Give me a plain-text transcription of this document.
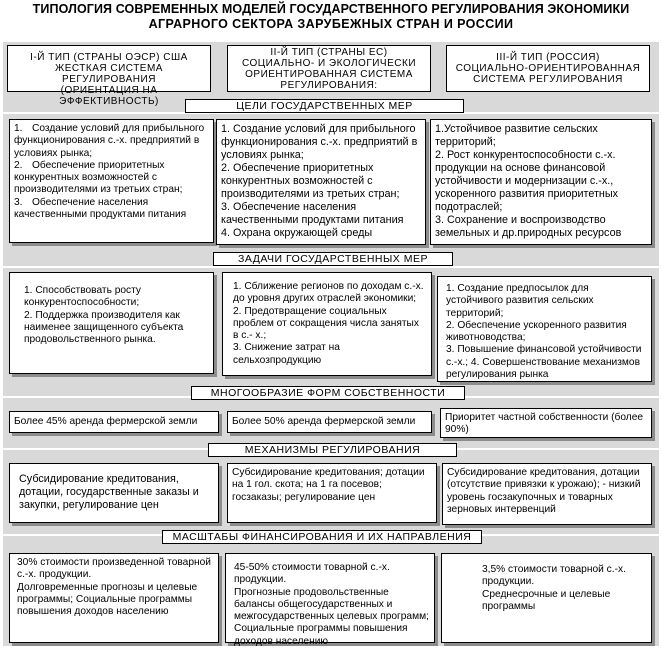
ТИПОЛОГИЯ СОВРЕМЕННЫХ МОДЕЛЕЙ ГОСУДАРСТВЕННОГО РЕГУЛИРОВАНИЯ ЭКОНОМИКИ
АГРАРНОГО СЕКТОРА ЗАРУБЕЖНЫХ СТРАН И РОССИИ
I-Й ТИП (СТРАНЫ ОЭСР) США
ЖЕСТКАЯ СИСТЕМА РЕГУЛИРОВАНИЯ
(ОРИЕНТАЦИЯ НА ЭФФЕКТИВНОСТЬ)
II-Й ТИП (СТРАНЫ ЕС)
СОЦИАЛЬНО- И ЭКОЛОГИЧЕСКИ
ОРИЕНТИРОВАННАЯ СИСТЕМА
РЕГУЛИРОВАНИЯ:
III-Й ТИП (РОССИЯ)
СОЦИАЛЬНО-ОРИЕНТИРОВАННАЯ
СИСТЕМА РЕГУЛИРОВАНИЯ
ЦЕЛИ ГОСУДАРСТВЕННЫХ МЕР

1. Создание условий для прибыльного функционирования с.-х. предприятий в условиях рынка;

2. Обеспечение приоритетных конкурентных возможностей с производителями из третьих стран;

3. Обеспечение населения качественными продуктами питания

1. Создание условий для прибыльного функционирования с.-х. предприятий в условиях рынка;

2. Обеспечение приоритетных конкурентных возможностей с производителями из третьих стран;

3. Обеспечение населения качественными продуктами питания

4. Охрана окружающей среды

1.Устойчивое развитие сельских территорий;

2. Рост конкурентоспособности с.-х. продукции на основе финансовой устойчивости и модернизации с.-х., ускоренного развития приоритетных подотраслей;

3. Сохранение и воспроизводство земельных и др.природных ресурсов

ЗАДАЧИ ГОСУДАРСТВЕННЫХ МЕР

1. Способствовать росту конкурентоспособности;

2. Поддержка производителя как наименее защищенного субъекта продовольственного рынка.

1. Сближение регионов по доходам с.-х. до уровня других отраслей экономики;

2. Предотвращение социальных проблем от сокращения числа занятых в с.- х.;

3. Снижение затрат на сельхозпродукцию

1. Создание предпосылок для устойчивого развития сельских территорий;

2. Обеспечение ускоренного развития животноводства;

3. Повышение финансовой устойчивости с.-х.; 4. Совершенствование механизмов регулирования рынка

МНОГООБРАЗИЕ ФОРМ СОБСТВЕННОСТИ
Более 45% аренда фермерской земли	Более 50% аренда фермерской земли	Приоритет частной собственности (более 90%)
МЕХАНИЗМЫ РЕГУЛИРОВАНИЯ
Субсидирование кредитования, дотации, государственные заказы и закупки, регулирование цен
Субсидирование кредитования; дотации на 1 гол. скота; на 1 га посевов; госзаказы; регулирование цен
Субсидирование кредитования, дотации (отсутствие привязки к урожаю); - низкий уровень госзакупочных и товарных зерновых интервенций
МАСШТАБЫ ФИНАНСИРОВАНИЯ И ИХ НАПРАВЛЕНИЯ

30% стоимости произведенной товарной с.-х. продукции.

Долговременные прогнозы и целевые программы; Социальные программы повышения доходов населению

45-50% стоимости товарной с.-х. продукции.

Прогнозные продовольственные балансы общегосударственных и межгосударственных целевых программ; Социальные программы повышения доходов населению

3,5% стоимости товарной с.-х. продукции.

Среднесрочные и целевые программы
